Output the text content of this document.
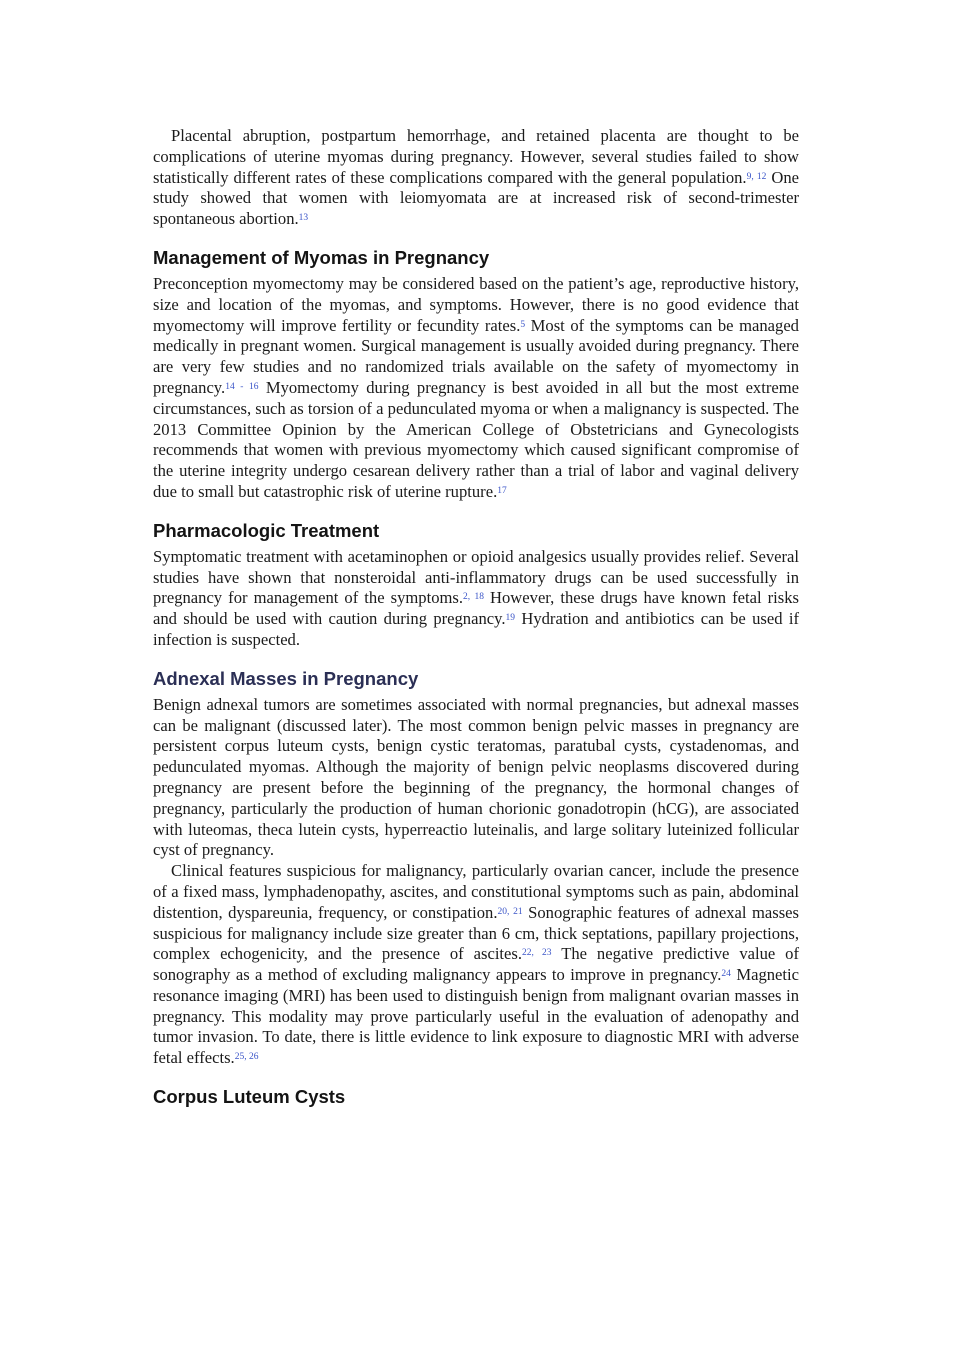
Placental abruption, postpartum hemorrhage, and retained placenta are thought to be complications of uterine myomas during pregnancy. However, several studies failed to show statistically different rates of these complications compared with the general population.$^{9, 12}$ One study showed that women with leiomyomata are at increased risk of second-trimester spontaneous abortion.$^{13}$

Management of Myomas in Pregnancy

Preconception myomectomy may be considered based on the patient’s age, reproductive history, size and location of the myomas, and symptoms. However, there is no good evidence that myomectomy will improve fertility or fecundity rates.$^5$ Most of the symptoms can be managed medically in pregnant women. Surgical management is usually avoided during pregnancy. There are very few studies and no randomized trials available on the safety of myomectomy in pregnancy.$^{14 - 16}$ Myomectomy during pregnancy is best avoided in all but the most extreme circumstances, such as torsion of a pedunculated myoma or when a malignancy is suspected. The 2013 Committee Opinion by the American College of Obstetricians and Gynecologists recommends that women with previous myomectomy which caused significant compromise of the uterine integrity undergo cesarean delivery rather than a trial of labor and vaginal delivery due to small but catastrophic risk of uterine rupture.$^{17}$

Pharmacologic Treatment

Symptomatic treatment with acetaminophen or opioid analgesics usually provides relief. Several studies have shown that nonsteroidal anti-inflammatory drugs can be used successfully in pregnancy for management of the symptoms.$^{2, 18}$ However, these drugs have known fetal risks and should be used with caution during pregnancy.$^{19}$ Hydration and antibiotics can be used if infection is suspected.

Adnexal Masses in Pregnancy

Benign adnexal tumors are sometimes associated with normal pregnancies, but adnexal masses can be malignant (discussed later). The most common benign pelvic masses in pregnancy are persistent corpus luteum cysts, benign cystic teratomas, paratubal cysts, cystadenomas, and pedunculated myomas. Although the majority of benign pelvic neoplasms discovered during pregnancy are present before the beginning of the pregnancy, the hormonal changes of pregnancy, particularly the production of human chorionic gonadotropin (hCG), are associated with luteomas, theca lutein cysts, hyperreactio luteinalis, and large solitary luteinized follicular cyst of pregnancy.

Clinical features suspicious for malignancy, particularly ovarian cancer, include the presence of a fixed mass, lymphadenopathy, ascites, and constitutional symptoms such as pain, abdominal distention, dyspareunia, frequency, or constipation.$^{20, 21}$ Sonographic features of adnexal masses suspicious for malignancy include size greater than 6 cm, thick septations, papillary projections, complex echogenicity, and the presence of ascites.$^{22, 23}$ The negative predictive value of sonography as a method of excluding malignancy appears to improve in pregnancy.$^{24}$ Magnetic resonance imaging (MRI) has been used to distinguish benign from malignant ovarian masses in pregnancy. This modality may prove particularly useful in the evaluation of adenopathy and tumor invasion. To date, there is little evidence to link exposure to diagnostic MRI with adverse fetal effects.$^{25, 26}$

Corpus Luteum Cysts
